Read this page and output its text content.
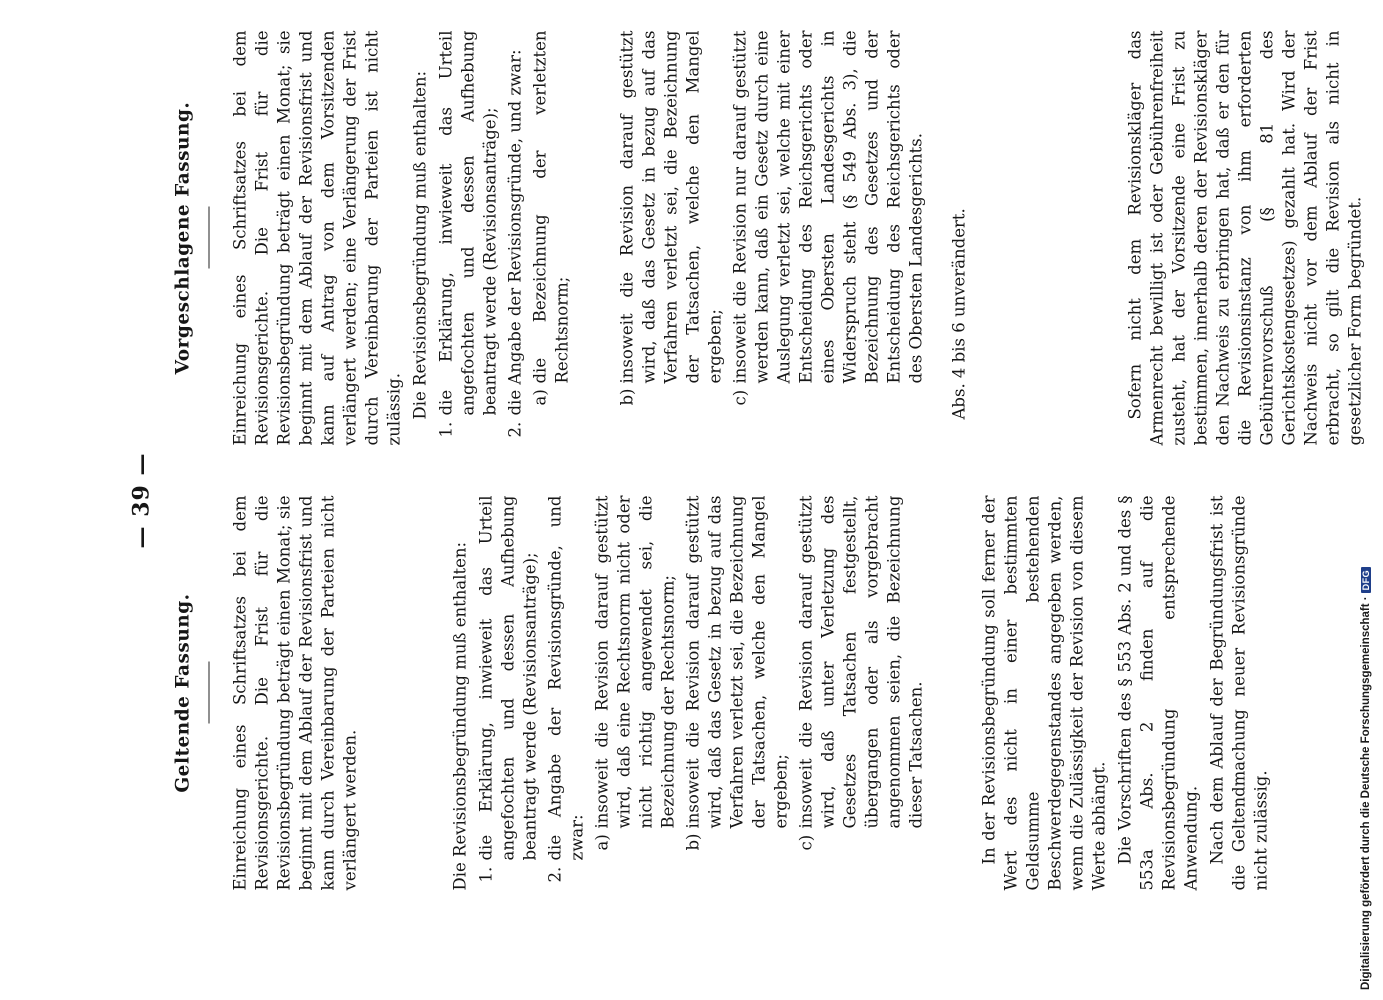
— 39 —
Geltende Fassung. Einreichung eines Schriftsatzes bei dem Revisionsgerichte. Die Frist für die Revisionsbegründung beträgt einen Monat; sie beginnt mit dem Ablauf der Revisionsfrist und kann durch Vereinbarung der Parteien nicht verlängert werden.	Die Revisionsbegründung muß enthalten: 1.
die Erklärung, inwieweit das Urteil angefochten und dessen Aufhebung beantragt werde (Revisionsanträge);
2.
die Angabe der Revisionsgründe, und zwar: a)
insoweit die Revision darauf gestützt wird, daß eine Rechtsnorm nicht oder nicht richtig angewendet sei, die Bezeichnung der Rechtsnorm;
b)
insoweit die Revision darauf gestützt wird, daß das Gesetz in bezug auf das Verfahren verletzt sei, die Bezeichnung der Tatsachen, welche den Mangel ergeben;
c)
insoweit die Revision darauf gestützt wird, daß unter Verletzung des Gesetzes Tatsachen festgestellt, übergangen oder als vorgebracht angenommen seien, die Bezeichnung dieser Tatsachen.	In der Revisionsbegründung soll ferner der Wert des nicht in einer bestimmten Geldsumme bestehenden Beschwerdegegenstandes angegeben werden, wenn die Zulässigkeit der Revision von diesem Werte abhängt. Die Vorschriften des § 553 Abs. 2 und des § 553a Abs. 2 finden auf die Revisionsbegründung entsprechende Anwendung. Nach dem Ablauf der Begründungsfrist ist die Geltendmachung neuer Revisionsgründe nicht zulässig.

Vorgeschlagene Fassung. Einreichung eines Schriftsatzes bei dem Revisionsgerichte. Die Frist für die Revisionsbegründung beträgt einen Monat; sie beginnt mit dem Ablauf der Revisionsfrist und kann auf Antrag von dem Vorsitzenden verlängert werden; eine Verlängerung der Frist durch Vereinbarung der Parteien ist nicht zulässig. Die Revisionsbegründung muß enthalten:

1.
die Erklärung, inwieweit das Urteil angefochten und dessen Aufhebung beantragt werde (Revisionsanträge);
2.
die Angabe der Revisionsgründe, und zwar: a)
die Bezeichnung der verletzten Rechtsnorm;
b)
insoweit die Revision darauf gestützt wird, daß das Gesetz in bezug auf das Verfahren verletzt sei, die Bezeichnung der Tatsachen, welche den Mangel ergeben;
c)
insoweit die Revision nur darauf gestützt werden kann, daß ein Gesetz durch eine Auslegung verletzt sei, welche mit einer Entscheidung des Reichsgerichts oder eines Obersten Landesgerichts in Widerspruch steht (§ 549 Abs. 3), die Bezeichnung des Gesetzes und der Entscheidung des Reichsgerichts oder des Obersten Landesgerichts. Abs. 4 bis 6 unverändert.	Sofern nicht dem Revisionskläger das Armenrecht bewilligt ist oder Gebührenfreiheit zusteht, hat der Vorsitzende eine Frist zu bestimmen, innerhalb deren der Revisionskläger den Nachweis zu erbringen hat, daß er den für die Revisionsinstanz von ihm erforderten Gebührenvorschuß (§ 81 des Gerichtskostengesetzes) gezahlt hat. Wird der Nachweis nicht vor dem Ablauf der Frist erbracht, so gilt die Revision als nicht in gesetzlicher Form begründet.

Digitalisierung gefördert durch die Deutsche Forschungsgemeinschaft ·DFG
